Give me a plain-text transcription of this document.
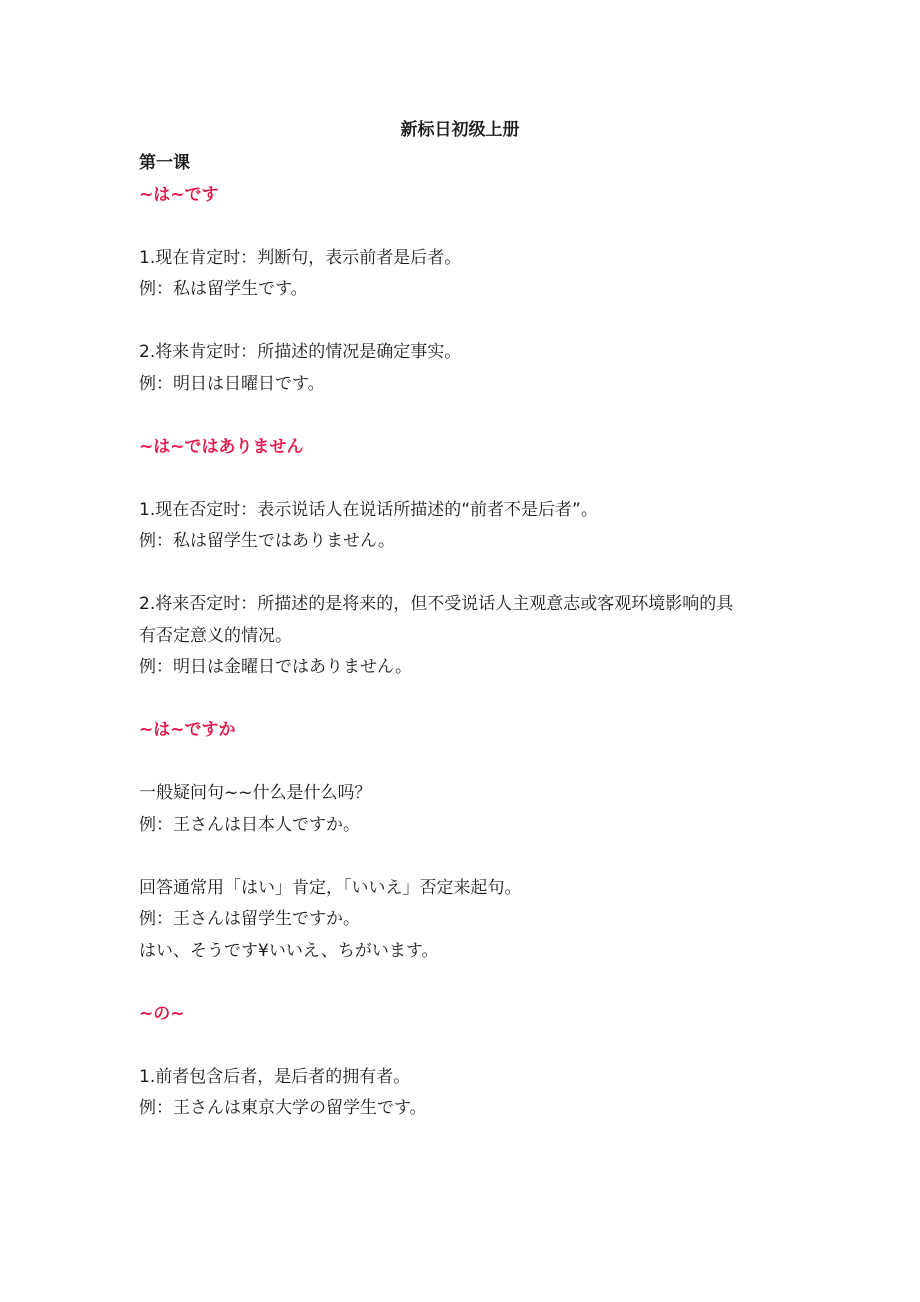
新标日初级上册
第一课
~は~です
1.现在肯定时：判断句，表示前者是后者。
例：私は留学生です。
2.将来肯定时：所描述的情况是确定事实。
例：明日は日曜日です。
~は~ではありません
1.现在否定时：表示说话人在说话所描述的“前者不是后者”。
例：私は留学生ではありません。
2.将来否定时：所描述的是将来的，但不受说话人主观意志或客观环境影响的具
有否定意义的情况。
例：明日は金曜日ではありません。
~は~ですか
一般疑问句~~什么是什么吗？
例：王さんは日本人ですか。
回答通常用「はい」肯定，「いいえ」否定来起句。
例：王さんは留学生ですか。
はい、そうです¥いいえ、ちがいます。
~の~
1.前者包含后者，是后者的拥有者。
例：王さんは東京大学の留学生です。
